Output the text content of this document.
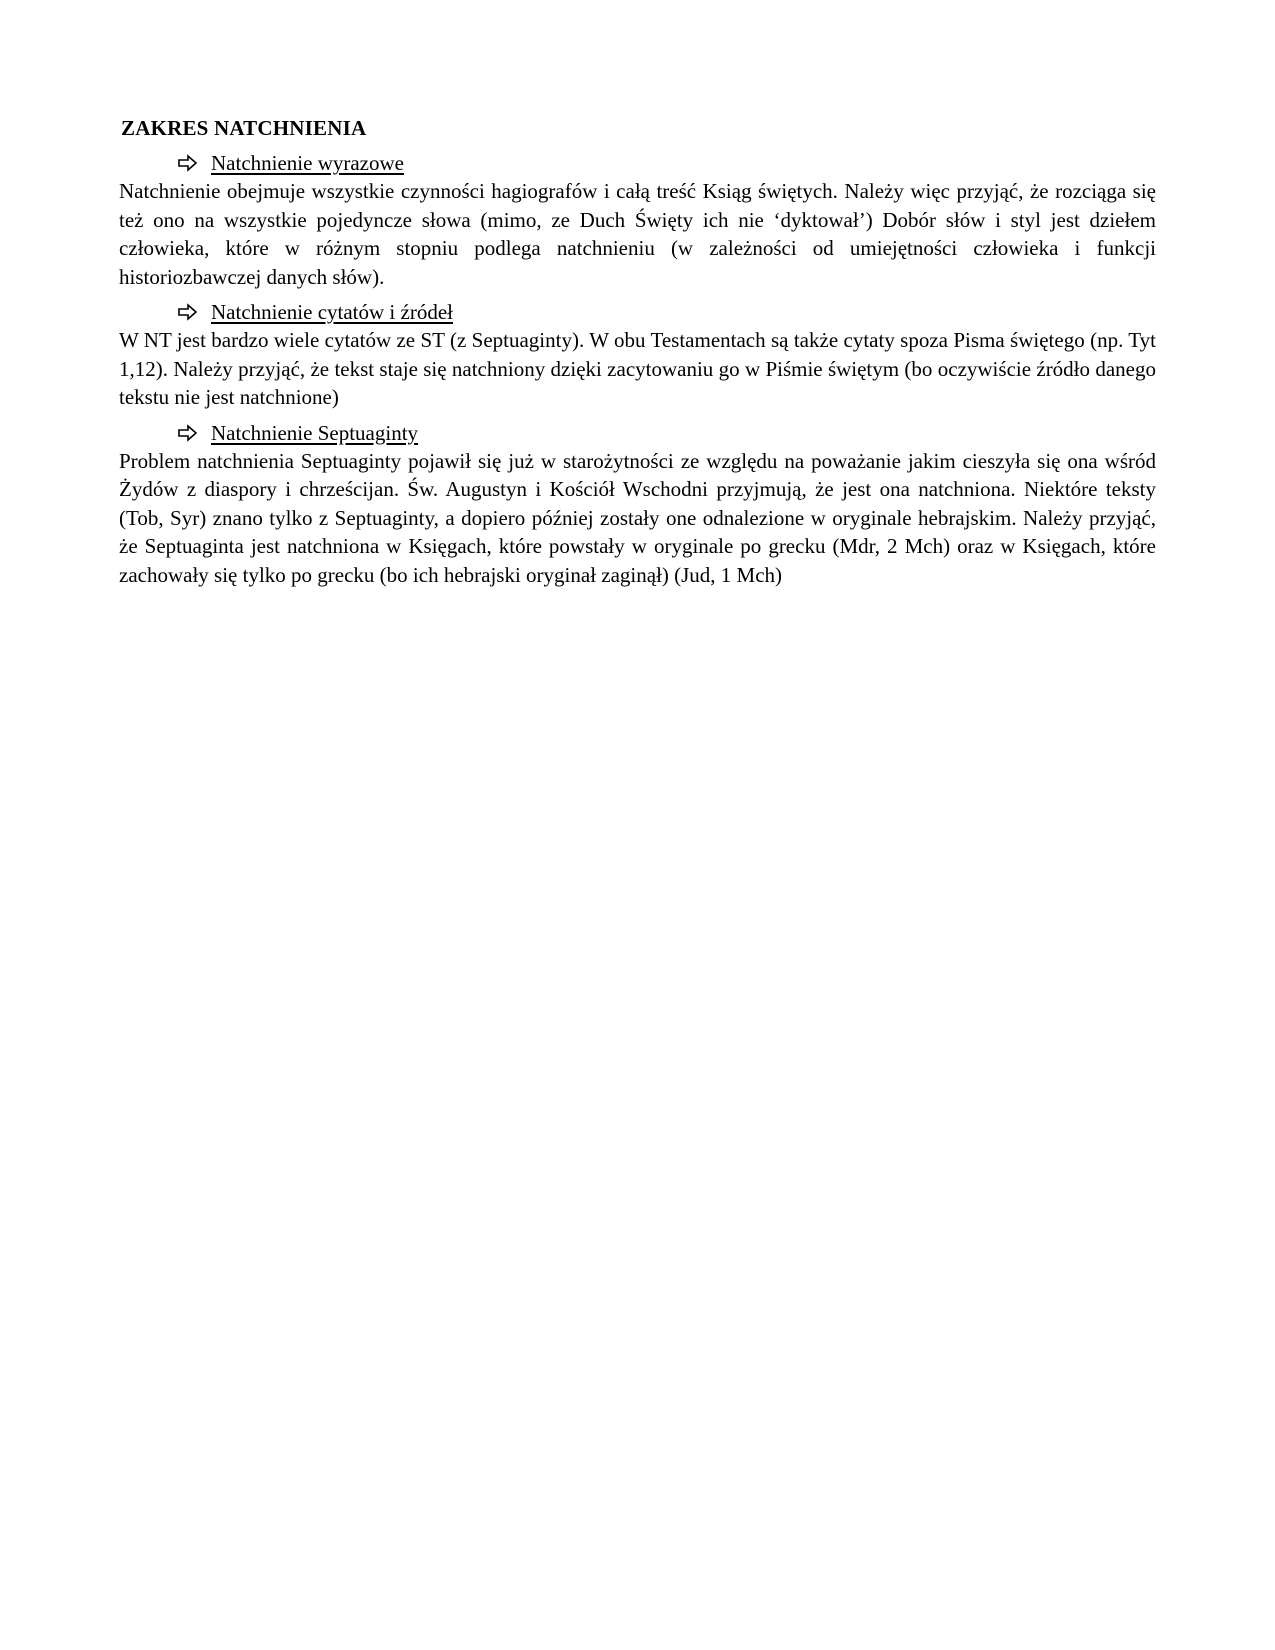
ZAKRES NATCHNIENIA
Natchnienie wyrazowe

Natchnienie obejmuje wszystkie czynności hagiografów i całą treść Ksiąg świętych. Należy więc przyjąć, że rozciąga się też ono na wszystkie pojedyncze słowa (mimo, ze Duch Święty ich nie ‘dyktował’) Dobór słów i styl jest dziełem człowieka, które w różnym stopniu podlega natchnieniu (w zależności od umiejętności człowieka i funkcji historiozbawczej danych słów).

Natchnienie cytatów i źródeł

W NT jest bardzo wiele cytatów ze ST (z Septuaginty). W obu Testamentach są także cytaty spoza Pisma świętego (np. Tyt 1,12). Należy przyjąć, że tekst staje się natchniony dzięki zacytowaniu go w Piśmie świętym (bo oczywiście źródło danego tekstu nie jest natchnione)

Natchnienie Septuaginty

Problem natchnienia Septuaginty pojawił się już w starożytności ze względu na poważanie jakim cieszyła się ona wśród Żydów z diaspory i chrześcijan. Św. Augustyn i Kościół Wschodni przyjmują, że jest ona natchniona. Niektóre teksty (Tob, Syr) znano tylko z Septuaginty, a dopiero później zostały one odnalezione w oryginale hebrajskim. Należy przyjąć, że Septuaginta jest natchniona w Księgach, które powstały w oryginale po grecku (Mdr, 2 Mch) oraz w Księgach, które zachowały się tylko po grecku (bo ich hebrajski oryginał zaginął) (Jud, 1 Mch)
